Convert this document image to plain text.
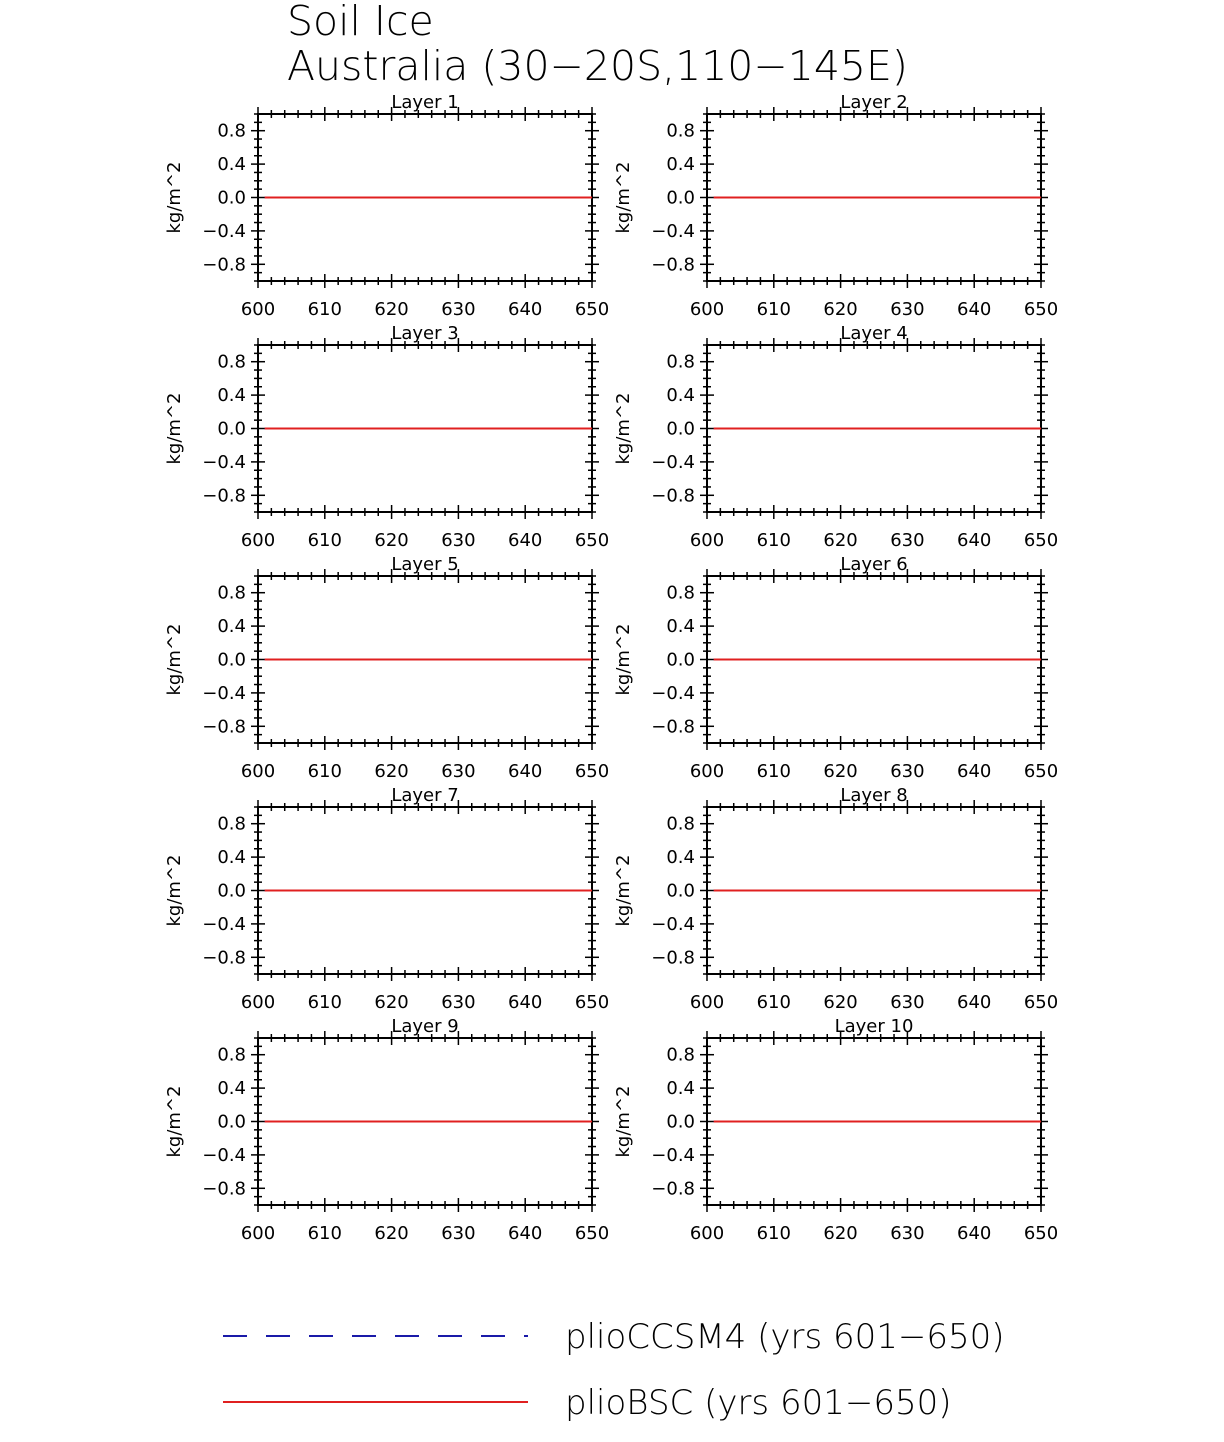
Soil Ice
Australia (30−20S,110−145E)
Layer 1
kg/m^2
600 610 620 630 640 650
0.8
0.4
0.0
−0.4
−0.8
Layer 2
kg/m^2
600 610 620 630 640 650
0.8
0.4
0.0
−0.4
−0.8
Layer 3
kg/m^2
600 610 620 630 640 650
0.8
0.4
0.0
−0.4
−0.8
Layer 4
kg/m^2
600 610 620 630 640 650
0.8
0.4
0.0
−0.4
−0.8
Layer 5
kg/m^2
600 610 620 630 640 650
0.8
0.4
0.0
−0.4
−0.8
Layer 6
kg/m^2
600 610 620 630 640 650
0.8
0.4
0.0
−0.4
−0.8
Layer 7
kg/m^2
600 610 620 630 640 650
0.8
0.4
0.0
−0.4
−0.8
Layer 8
kg/m^2
600 610 620 630 640 650
0.8
0.4
0.0
−0.4
−0.8
Layer 9
kg/m^2
600 610 620 630 640 650
0.8
0.4
0.0
−0.4
−0.8
Layer 10
kg/m^2
600 610 620 630 640 650
0.8
0.4
0.0
−0.4
−0.8
plioCCSM4 (yrs 601−650)
plioBSC (yrs 601−650)
